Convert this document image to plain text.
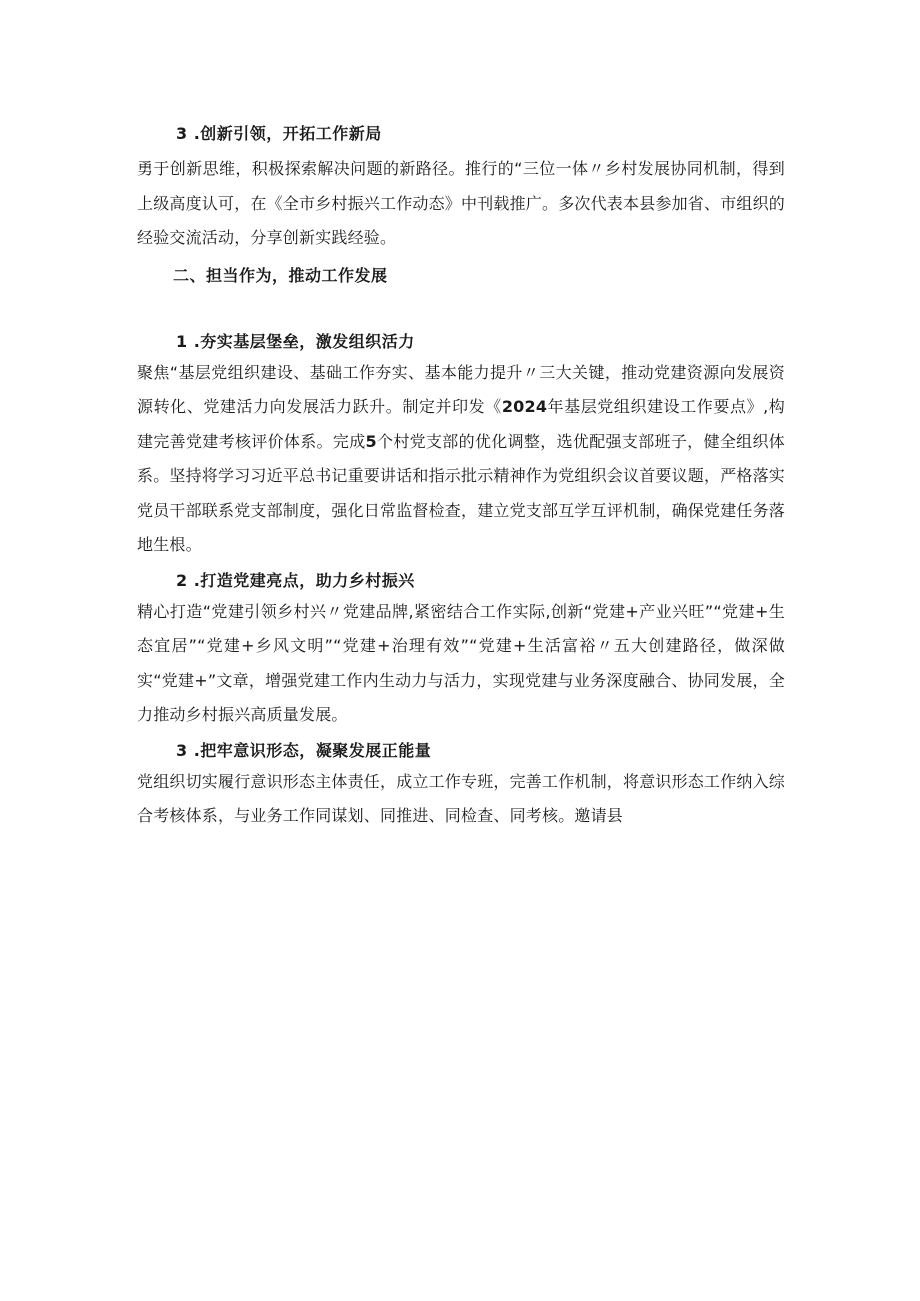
3 .创新引领，开拓工作新局

勇于创新思维，积极探索解决问题的新路径。推行的“三位一体〃乡村发展协同机制，得到上级高度认可，在《全市乡村振兴工作动态》中刊载推广。多次代表本县参加省、市组织的经验交流活动，分享创新实践经验。

二、担当作为，推动工作发展
1 .夯实基层堡垒，激发组织活力

聚焦“基层党组织建设、基础工作夯实、基本能力提升〃三大关键，推动党建资源向发展资源转化、党建活力向发展活力跃升。制定并印发《2024年基层党组织建设工作要点》,构建完善党建考核评价体系。完成5个村党支部的优化调整，选优配强支部班子，健全组织体系。坚持将学习习近平总书记重要讲话和指示批示精神作为党组织会议首要议题，严格落实党员干部联系党支部制度，强化日常监督检查，建立党支部互学互评机制，确保党建任务落地生根。

2 .打造党建亮点，助力乡村振兴

精心打造“党建引领乡村兴〃党建品牌,紧密结合工作实际,创新“党建+产业兴旺”“党建+生态宜居”“党建+乡风文明”“党建+治理有效”“党建+生活富裕〃五大创建路径，做深做实“党建+”文章，增强党建工作内生动力与活力，实现党建与业务深度融合、协同发展，全力推动乡村振兴高质量发展。

3 .把牢意识形态，凝聚发展正能量

党组织切实履行意识形态主体责任，成立工作专班，完善工作机制，将意识形态工作纳入综合考核体系，与业务工作同谋划、同推进、同检查、同考核。邀请县
